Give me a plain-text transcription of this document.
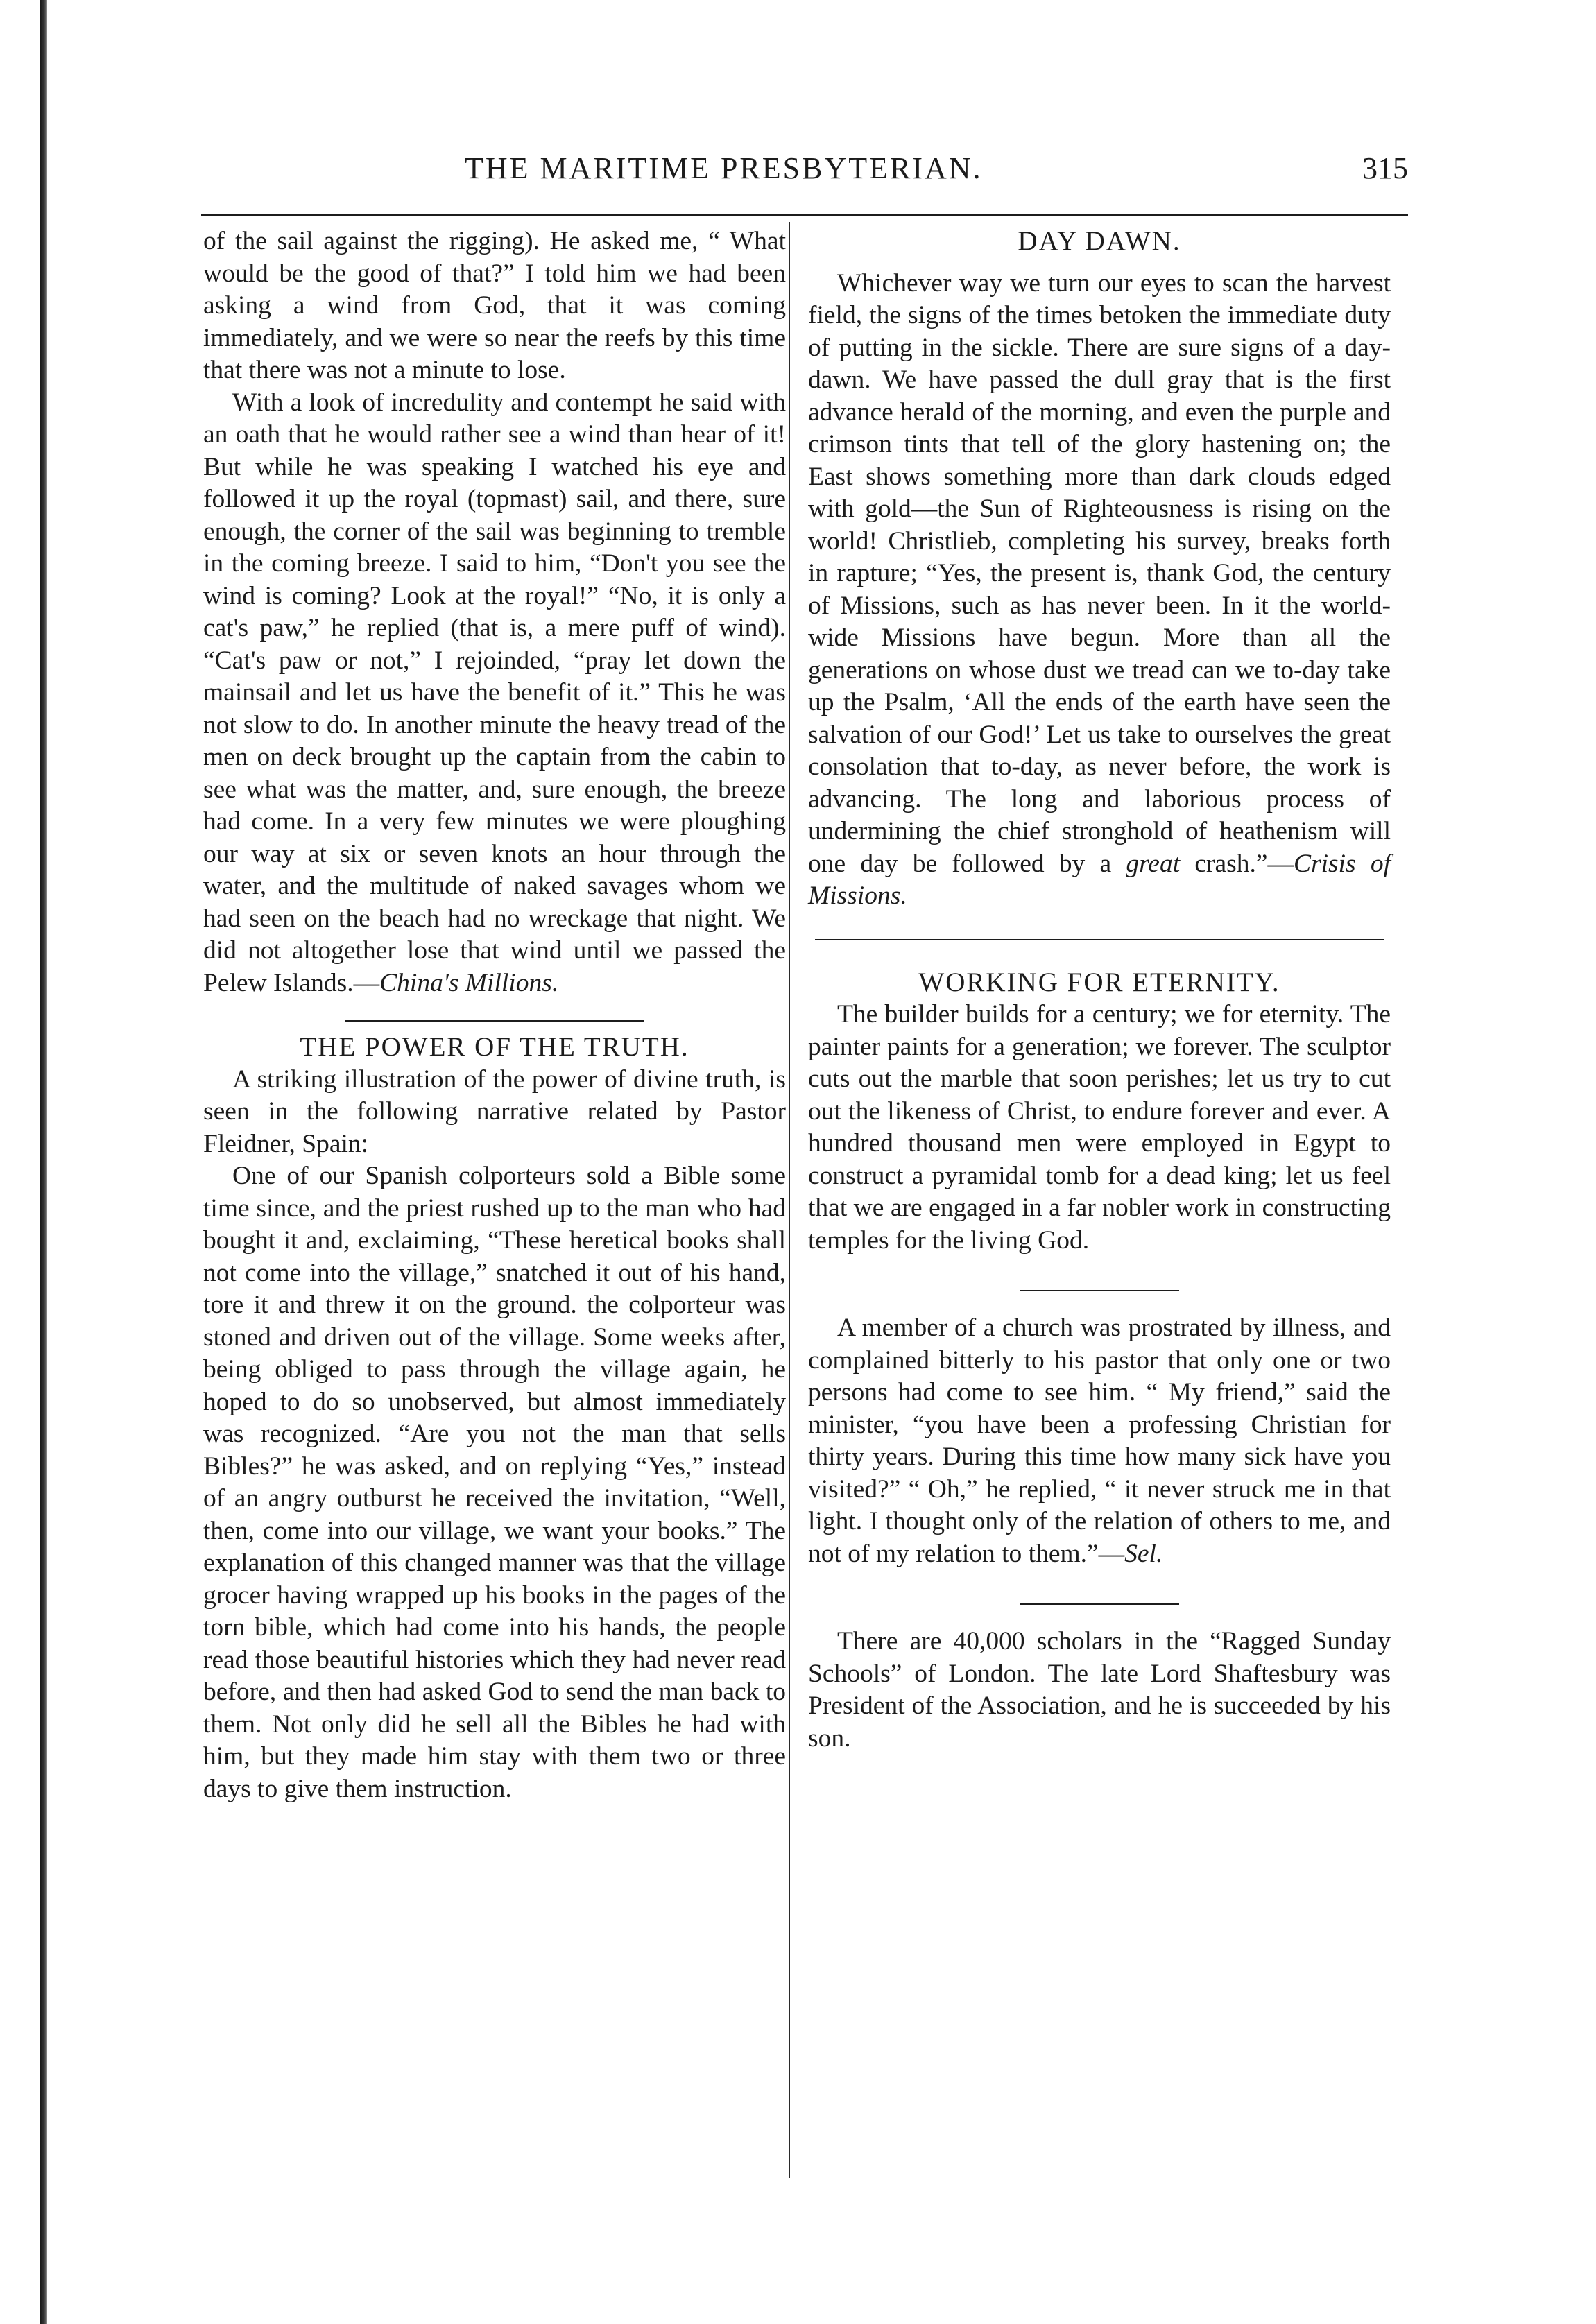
THE MARITIME PRESBYTERIAN.	315

of the sail against the rigging). He asked me, “ What would be the good of that?” I told him we had been asking a wind from God, that it was coming immediately, and we were so near the reefs by this time that there was not a minute to lose.

With a look of incredulity and contempt he said with an oath that he would rather see a wind than hear of it! But while he was speaking I watched his eye and followed it up the royal (topmast) sail, and there, sure enough, the corner of the sail was beginning to tremble in the coming breeze. I said to him, “Don't you see the wind is coming? Look at the royal!” “No, it is only a cat's paw,” he replied (that is, a mere puff of wind). “Cat's paw or not,” I rejoinded, “pray let down the mainsail and let us have the benefit of it.” This he was not slow to do. In another minute the heavy tread of the men on deck brought up the captain from the cabin to see what was the matter, and, sure enough, the breeze had come. In a very few minutes we were ploughing our way at six or seven knots an hour through the water, and the multitude of naked savages whom we had seen on the beach had no wreckage that night. We did not altogether lose that wind until we passed the Pelew Islands.—China's Millions.

THE POWER OF THE TRUTH.

A striking illustration of the power of divine truth, is seen in the following narrative related by Pastor Fleidner, Spain:

One of our Spanish colporteurs sold a Bible some time since, and the priest rushed up to the man who had bought it and, exclaiming, “These heretical books shall not come into the village,” snatched it out of his hand, tore it and threw it on the ground. the colporteur was stoned and driven out of the village. Some weeks after, being obliged to pass through the village again, he hoped to do so unobserved, but almost immediately was recognized. “Are you not the man that sells Bibles?” he was asked, and on replying “Yes,” instead of an angry outburst he received the invitation, “Well, then, come into our village, we want your books.” The explanation of this changed manner was that the village grocer having wrapped up his books in the pages of the torn bible, which had come into his hands, the people read those beautiful histories which they had never read before, and then had asked God to send the man back to them. Not only did he sell all the Bibles he had with him, but they made him stay with them two or three days to give them instruction.

DAY DAWN.

Whichever way we turn our eyes to scan the harvest field, the signs of the times betoken the immediate duty of putting in the sickle. There are sure signs of a day-dawn. We have passed the dull gray that is the first advance herald of the morning, and even the purple and crimson tints that tell of the glory hastening on; the East shows something more than dark clouds edged with gold—the Sun of Righteousness is rising on the world! Christlieb, completing his survey, breaks forth in rapture; “Yes, the present is, thank God, the century of Missions, such as has never been. In it the world-wide Missions have begun. More than all the generations on whose dust we tread can we to-day take up the Psalm, ‘All the ends of the earth have seen the salvation of our God!’ Let us take to ourselves the great consolation that to-day, as never before, the work is advancing. The long and laborious process of undermining the chief stronghold of heathenism will one day be followed by a great crash.”—Crisis of Missions.

WORKING FOR ETERNITY.

The builder builds for a century; we for eternity. The painter paints for a generation; we forever. The sculptor cuts out the marble that soon perishes; let us try to cut out the likeness of Christ, to endure forever and ever. A hundred thousand men were employed in Egypt to construct a pyramidal tomb for a dead king; let us feel that we are engaged in a far nobler work in constructing temples for the living God.

A member of a church was prostrated by illness, and complained bitterly to his pastor that only one or two persons had come to see him. “ My friend,” said the minister, “you have been a professing Christian for thirty years. During this time how many sick have you visited?” “ Oh,” he replied, “ it never struck me in that light. I thought only of the relation of others to me, and not of my relation to them.”—Sel.

There are 40,000 scholars in the “Ragged Sunday Schools” of London. The late Lord Shaftesbury was President of the Association, and he is succeeded by his son.
